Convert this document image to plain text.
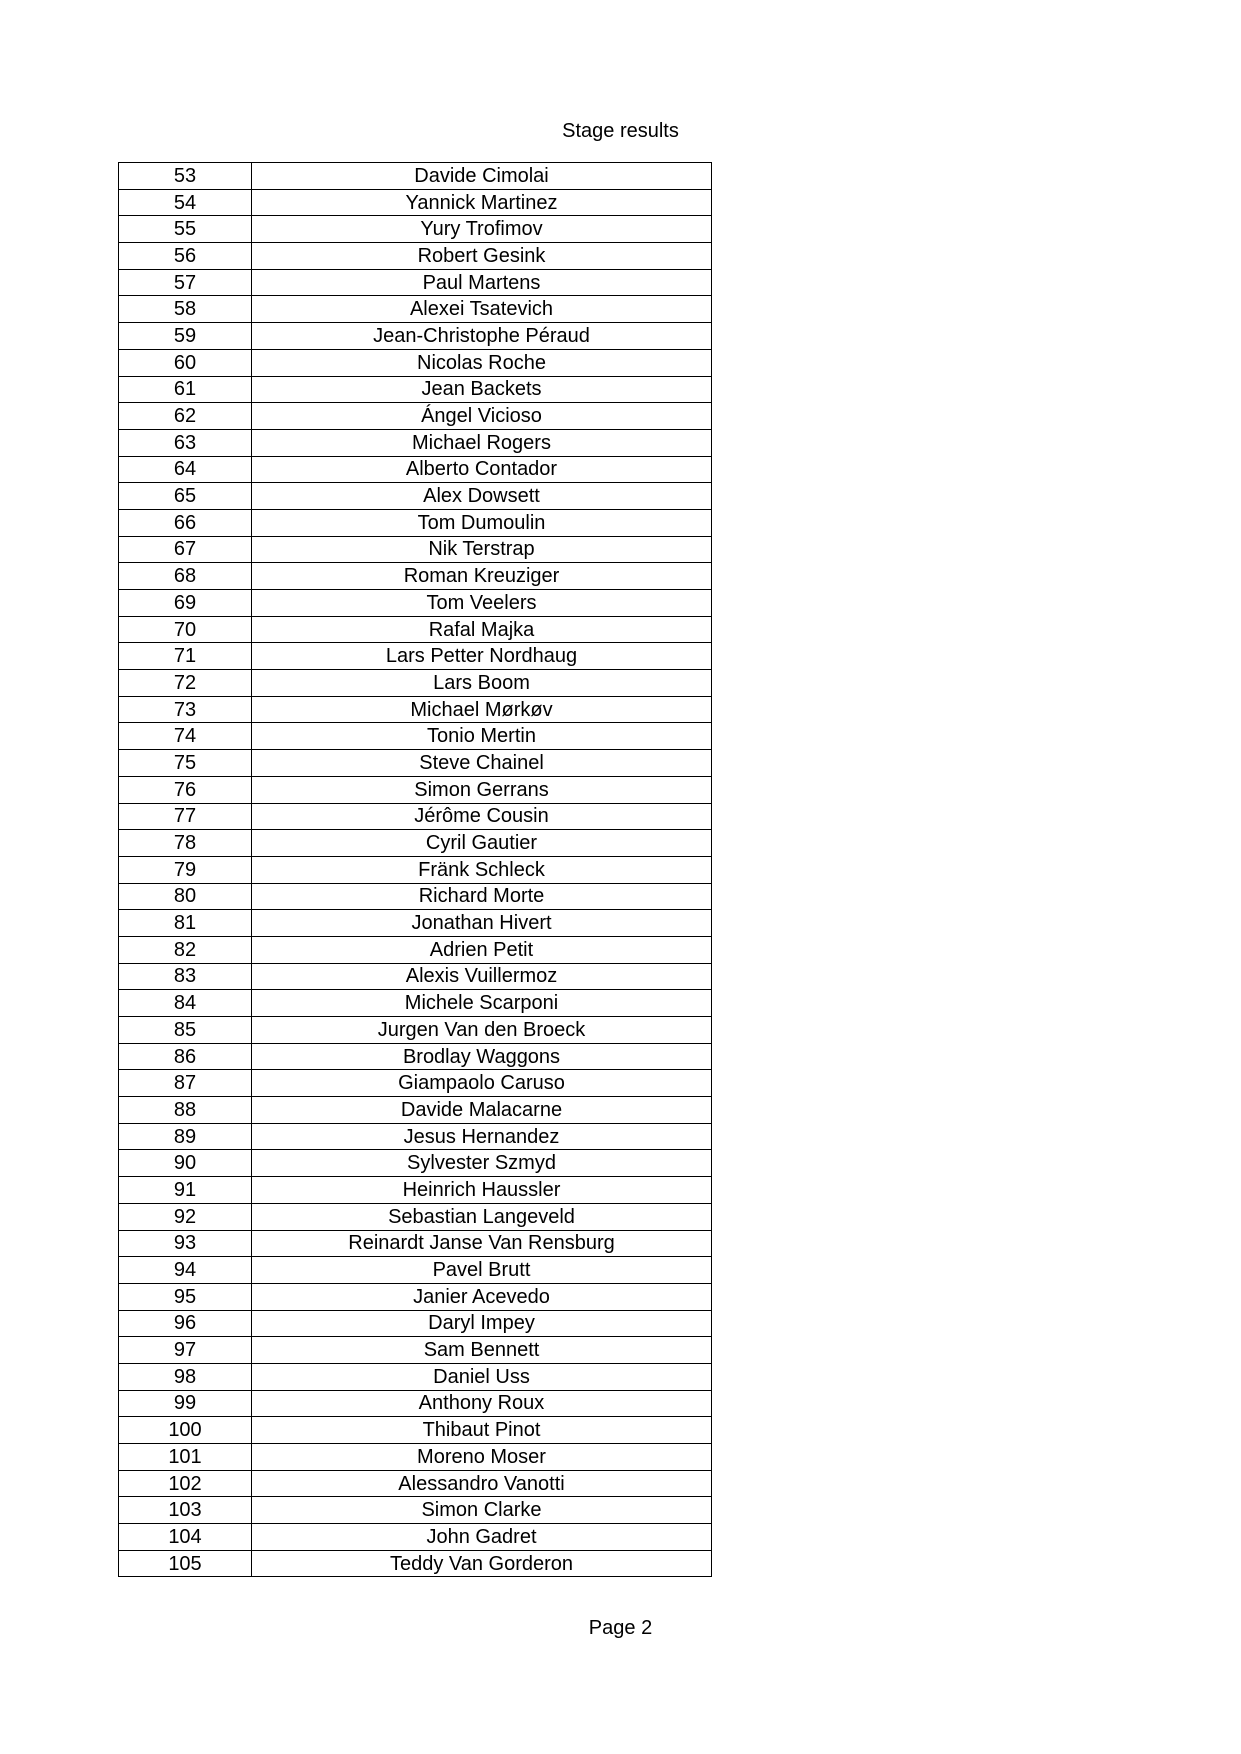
Stage results
53	Davide Cimolai
54	Yannick Martinez
55	Yury Trofimov
56	Robert Gesink
57	Paul Martens
58	Alexei Tsatevich
59	Jean-Christophe Péraud
60	Nicolas Roche
61	Jean Backets
62	Ángel Vicioso
63	Michael Rogers
64	Alberto Contador
65	Alex Dowsett
66	Tom Dumoulin
67	Nik Terstrap
68	Roman Kreuziger
69	Tom Veelers
70	Rafal Majka
71	Lars Petter Nordhaug
72	Lars Boom
73	Michael Mørkøv
74	Tonio Mertin
75	Steve Chainel
76	Simon Gerrans
77	Jérôme Cousin
78	Cyril Gautier
79	Fränk Schleck
80	Richard Morte
81	Jonathan Hivert
82	Adrien Petit
83	Alexis Vuillermoz
84	Michele Scarponi
85	Jurgen Van den Broeck
86	Brodlay Waggons
87	Giampaolo Caruso
88	Davide Malacarne
89	Jesus Hernandez
90	Sylvester Szmyd
91	Heinrich Haussler
92	Sebastian Langeveld
93	Reinardt Janse Van Rensburg
94	Pavel Brutt
95	Janier Acevedo
96	Daryl Impey
97	Sam Bennett
98	Daniel Uss
99	Anthony Roux
100	Thibaut Pinot
101	Moreno Moser
102	Alessandro Vanotti
103	Simon Clarke
104	John Gadret
105	Teddy Van Gorderon
Page 2
